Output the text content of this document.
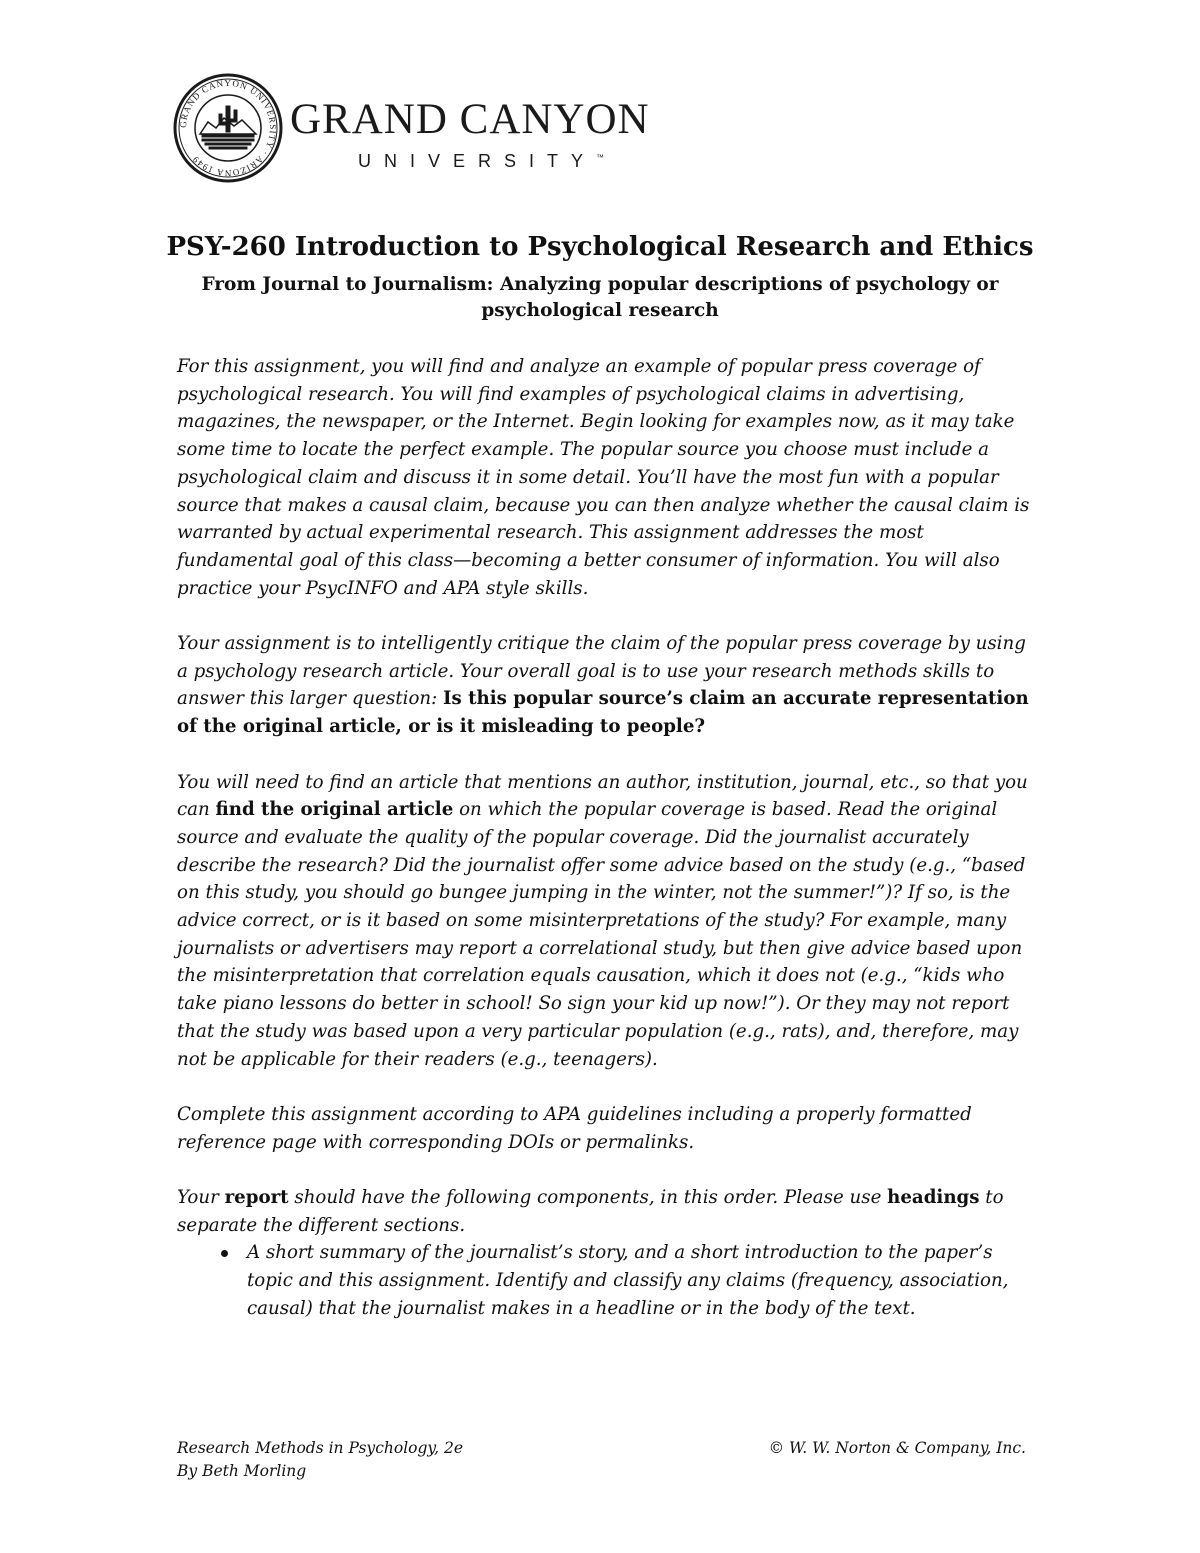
GRAND CANYON UNIVERSITY · ARIZONA 1949
GRAND CANYON
UNIVERSITY™
PSY-260 Introduction to Psychological Research and Ethics
From Journal to Journalism: Analyzing popular descriptions of psychology or psychological research

For this assignment, you will find and analyze an example of popular press coverage of psychological research. You will find examples of psychological claims in advertising, magazines, the newspaper, or the Internet. Begin looking for examples now, as it may take some time to locate the perfect example. The popular source you choose must include a psychological claim and discuss it in some detail. You’ll have the most fun with a popular source that makes a causal claim, because you can then analyze whether the causal claim is warranted by actual experimental research. This assignment addresses the most fundamental goal of this class—becoming a better consumer of information. You will also practice your PsycINFO and APA style skills.

Your assignment is to intelligently critique the claim of the popular press coverage by using a psychology research article. Your overall goal is to use your research methods skills to answer this larger question: Is this popular source’s claim an accurate representation of the original article, or is it misleading to people?

You will need to find an article that mentions an author, institution, journal, etc., so that you can find the original article on which the popular coverage is based. Read the original source and evaluate the quality of the popular coverage. Did the journalist accurately describe the research? Did the journalist offer some advice based on the study (e.g., “based on this study, you should go bungee jumping in the winter, not the summer!”)? If so, is the advice correct, or is it based on some misinterpretations of the study? For example, many journalists or advertisers may report a correlational study, but then give advice based upon the misinterpretation that correlation equals causation, which it does not (e.g., “kids who take piano lessons do better in school! So sign your kid up now!”). Or they may not report that the study was based upon a very particular population (e.g., rats), and, therefore, may not be applicable for their readers (e.g., teenagers).

Complete this assignment according to APA guidelines including a properly formatted reference page with corresponding DOIs or permalinks.

Your report should have the following components, in this order. Please use headings to separate the different sections.

A short summary of the journalist’s story, and a short introduction to the paper’s topic and this assignment. Identify and classify any claims (frequency, association, causal) that the journalist makes in a headline or in the body of the text.
Research Methods in Psychology, 2e
By Beth Morling
© W. W. Norton & Company, Inc.
